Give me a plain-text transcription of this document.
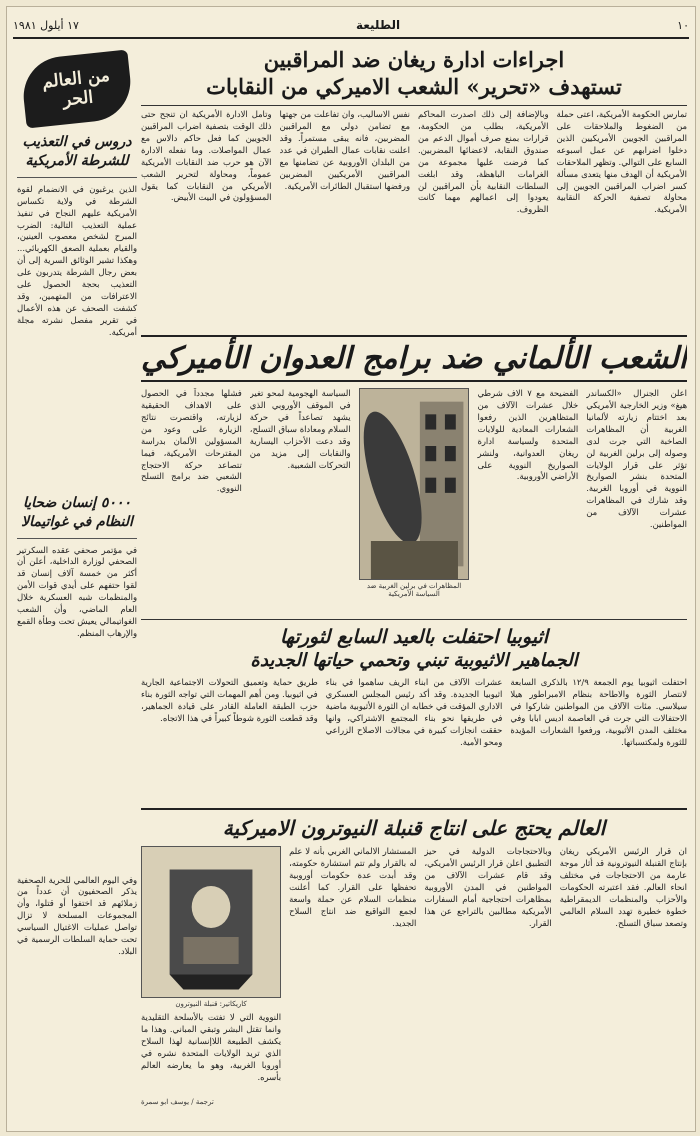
١٠
الطليعة
١٧ أيلول ١٩٨١
اجراءات ادارة ريغان ضد المراقبين
تستهدف «تحرير» الشعب الاميركي من النقابات
تمارس الحكومة الأمريكية، اعتى حملة من الضغوط والملاحقات على المراقبين الجويين الأمريكيين الذين دخلوا اضرابهم عن عمل اسبوعه السابع على التوالي. وتظهر الملاحقات الأمريكية أن الهدف منها يتعدى مسألة كسر اضراب المراقبين الجويين إلى محاولة تصفية الحركة النقابية الأمريكية.
وبالإضافة إلى ذلك اصدرت المحاكم الأمريكية، بطلب من الحكومة، قرارات بمنع صرف أموال الدعم من صندوق النقابة، لاعضائها المضربين. كما فرضت عليها مجموعة من الغرامات الباهظة، وقد ابلغت السلطات النقابية بأن المراقبين لن يعودوا إلى اعمالهم مهما كانت الظروف.
نفس الاساليب، وان تفاعلت من جهتها مع تضامن دولي مع المراقبين المضربين، فانه يبقى مستمراً. وقد اعلنت نقابات عمال الطيران في عدد من البلدان الأوروبية عن تضامنها مع المراقبين الأمريكيين المضربين ورفضها استقبال الطائرات الأمريكية.
وتامل الادارة الأمريكية ان تنجح حتى ذلك الوقت بتصفية اضراب المراقبين الجويين كما فعل حاكم دالاس مع عمال المواصلات. وما نفعله الادارة الآن هو حرب ضد النقابات الأمريكية عموماً، ومحاولة لتحرير الشعب الأمريكي من النقابات كما يقول المسؤولون في البيت الأبيض.
الشعب الألماني ضد برامج العدوان الأميركي
اعلن الجنرال «الكساندر هيغ» وزير الخارجية الأمريكي بعد اختتام زيارته لألمانيا الغربية أن المظاهرات الصاخبة التي جرت لدى وصوله إلى برلين الغربية لن تؤثر على قرار الولايات المتحدة بنشر الصواريخ النووية في أوروبا الغربية. وقد شارك في المظاهرات عشرات الآلاف من المواطنين.
الفضيحة مع ٧ الاف شرطي خلال عشرات الآلاف من المتظاهرين الذين رفعوا الشعارات المعادية للولايات المتحدة ولسياسة ادارة ريغان العدوانية، ولنشر الصواريخ النووية على الأراضي الأوروبية.
المظاهرات في برلين الغربية ضد السياسة الأمريكية
السياسة الهجومية لمحو تغير في الموقف الأوروبي الذي يشهد تصاعداً في حركة السلام ومعاداة سباق التسلح، وقد دعت الأحزاب اليسارية والنقابات إلى مزيد من التحركات الشعبية.
فشلها مجدداً في الحصول على الاهداف الحقيقية لزيارته، واقتصرت نتائج الزيارة على وعود من المسؤولين الألمان بدراسة المقترحات الأمريكية، فيما تتصاعد حركة الاحتجاج الشعبي ضد برامج التسلح النووي.
اثيوبيا احتفلت بالعيد السابع لثورتها
الجماهير الاثيوبية تبني وتحمي حياتها الجديدة
احتفلت اثيوبيا يوم الجمعة ١٢/٩ بالذكرى السابعة لانتصار الثورة والاطاحة بنظام الامبراطور هيلا سيلاسي. مئات الآلاف من المواطنين شاركوا في الاحتفالات التي جرت في العاصمة اديس ابابا وفي مختلف المدن الأثيوبية، ورفعوا الشعارات المؤيدة للثورة ولمكتسباتها.
عشرات الآلاف من ابناء الريف ساهموا في بناء اثيوبيا الجديدة. وقد أكد رئيس المجلس العسكري الاداري المؤقت في خطابه ان الثورة الأثيوبية ماضية في طريقها نحو بناء المجتمع الاشتراكي، وانها حققت انجازات كبيرة في مجالات الاصلاح الزراعي ومحو الأمية.
طريق حماية وتعميق التحولات الاجتماعية الجارية في اثيوبيا. ومن أهم المهمات التي تواجه الثورة بناء حزب الطبقة العاملة القادر على قيادة الجماهير، وقد قطعت الثورة شوطاً كبيراً في هذا الاتجاه.
العالم يحتج على انتاج قنبلة النيوترون الاميركية
ان قرار الرئيس الأمريكي ريغان بإنتاج القنبلة النيوترونية قد أثار موجة عارمة من الاحتجاجات في مختلف انحاء العالم. فقد اعتبرته الحكومات والأحزاب والمنظمات الديمقراطية خطوة خطيرة تهدد السلام العالمي وتصعد سباق التسلح.
وبالاحتجاجات الدولية في حيز التطبيق اعلن قرار الرئيس الأمريكي، وقد قام عشرات الآلاف من المواطنين في المدن الأوروبية بمظاهرات احتجاجية أمام السفارات الأمريكية مطالبين بالتراجع عن هذا القرار.
المستشار الالماني الغربي بأنه لا علم له بالقرار ولم تتم استشارة حكومته، وقد أبدت عدة حكومات أوروبية تحفظها على القرار. كما أعلنت منظمات السلام عن حملة واسعة لجمع التواقيع ضد انتاج السلاح الجديد.
كاريكاتير: قنبلة النيوترون
النووية التي لا تفتت بالأسلحة التقليدية وانما تقتل البشر وتبقي المباني. وهذا ما يكشف الطبيعة اللاإنسانية لهذا السلاح الذي تريد الولايات المتحدة نشره في أوروبا الغربية، وهو ما يعارضه العالم بأسره.
ترجمة / يوسف ابو سمرة
من العالم
الحر
دروس في التعذيب للشرطة الأمريكية
الذين يرغبون في الانضمام لقوة الشرطة في ولاية تكساس الأمريكية عليهم النجاح في تنفيذ عملية التعذيب التالية: الضرب المبرح لشخص معصوب العينين، والقيام بعملية الصعق الكهربائي... وهكذا تشير الوثائق السرية إلى أن بعض رجال الشرطة يتدربون على التعذيب بحجة الحصول على الاعترافات من المتهمين، وقد كشفت الصحف عن هذه الأعمال في تقرير مفصل نشرته مجلة أمريكية.
٥٠٠٠ إنسان ضحايا النظام في غواتيمالا
في مؤتمر صحفي عقده السكرتير الصحفي لوزارة الداخلية، أعلن أن أكثر من خمسة آلاف إنسان قد لقوا حتفهم على أيدي قوات الأمن والمنظمات شبه العسكرية خلال العام الماضي، وأن الشعب الغواتيمالي يعيش تحت وطأة القمع والإرهاب المنظم.
وفي اليوم العالمي للحرية الصحفية يذكر الصحفيون أن عدداً من زملائهم قد اختفوا أو قتلوا، وأن المجموعات المسلحة لا تزال تواصل عمليات الاغتيال السياسي تحت حماية السلطات الرسمية في البلاد.
